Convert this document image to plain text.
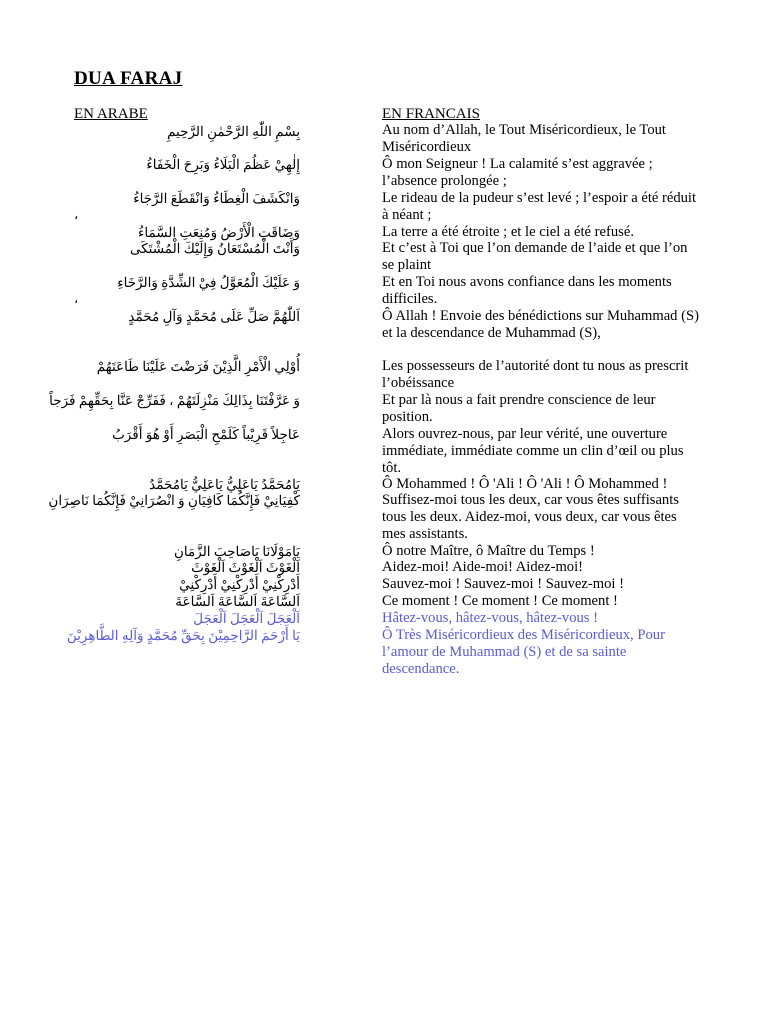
DUA FARAJ
EN ARABE	EN FRANCAIS
بِسْمِ اللّٰهِ الرَّحْمٰنِ الرَّحِيمِ
إِلٰهِيْ عَظُمَ الْبَلَاءُ وَبَرِحَ الْخَفَاءُ
وَانْكَشَفَ الْغِطَاءُ وَانْقَطَعَ الرَّجَاءُ
،
وَضَاقَتِ الْأَرْضُ وَمُنِعَتِ السَّمَاءُ
وَأَنْتَ الْمُسْتَعَانُ وَإِلَيْكَ الْمُشْتَكَى
وَ عَلَيْكَ الْمُعَوَّلُ فِيْ الشِّدَّةِ وَالرَّخَاءِ
،
اَللّٰهُمَّ صَلِّ عَلَى مُحَمَّدٍ وَآلِ مُحَمَّدٍ
أُوْلِي الْأَمْرِ الَّذِيْنَ فَرَضْتَ عَلَيْنَا طَاعَتَهُمْ
وَ عَرَّفْتَنَا بِذَالِكَ مَنْزِلَتَهُمْ ، فَفَرِّجْ عَنَّا بِحَقِّهِمْ فَرَجاً
عَاجِلاً قَرِيْباً كَلَمْحِ الْبَصَرِ أَوْ هُوَ أَقْرَبُ
يَامُحَمَّدُ يَاعَلِيُّ يَاعَلِيُّ يَامُحَمَّدُ
كْفِيَانِيْ فَإِنَّكُمَا كَافِيَانِ وَ انْصُرَانِيْ فَإِنَّكُمَا نَاصِرَانِ
يَامَوْلَانَا يَاصَاحِبَ الزَّمَانِ
اَلْغَوْثَ اَلْغَوْثَ اَلْغَوْثَ
أَدْرِكْنِيْ أَدْرِكْنِيْ أَدْرِكْنِيْ
اَلسَّاعَةَ اَلسَّاعَةَ اَلسَّاعَةَ
اَلْعَجَلَ اَلْعَجَلَ اَلْعَجَلَ
يَا أَرْحَمَ الرَّاحِمِيْنَ بِحَقِّ مُحَمَّدٍ وَآلِهِ الطَّاهِرِيْنَ
Au nom d’Allah, le Tout Miséricordieux, le Tout Miséricordieux
Ô mon Seigneur ! La calamité s’est aggravée ; l’absence prolongée ;
Le rideau de la pudeur s’est levé ; l’espoir a été réduit à néant ;
La terre a été étroite ; et le ciel a été refusé.
Et c’est à Toi que l’on demande de l’aide et que l’on se plaint
Et en Toi nous avons confiance dans les moments difficiles.
Ô Allah ! Envoie des bénédictions sur Muhammad (S) et la descendance de Muhammad (S),
Les possesseurs de l’autorité dont tu nous as prescrit l’obéissance
Et par là nous a fait prendre conscience de leur position.
Alors ouvrez-nous, par leur vérité, une ouverture immédiate, immédiate comme un clin d’œil ou plus tôt.
Ô Mohammed ! Ô 'Ali ! Ô 'Ali ! Ô Mohammed !
Suffisez-moi tous les deux, car vous êtes suffisants tous les deux. Aidez-moi, vous deux, car vous êtes mes assistants.
Ô notre Maître, ô Maître du Temps !
Aidez-moi! Aide-moi! Aidez-moi!
Sauvez-moi ! Sauvez-moi ! Sauvez-moi !
Ce moment ! Ce moment ! Ce moment !
Hâtez-vous, hâtez-vous, hâtez-vous !
Ô Très Miséricordieux des Miséricordieux, Pour l’amour de Muhammad (S) et de sa sainte descendance.
